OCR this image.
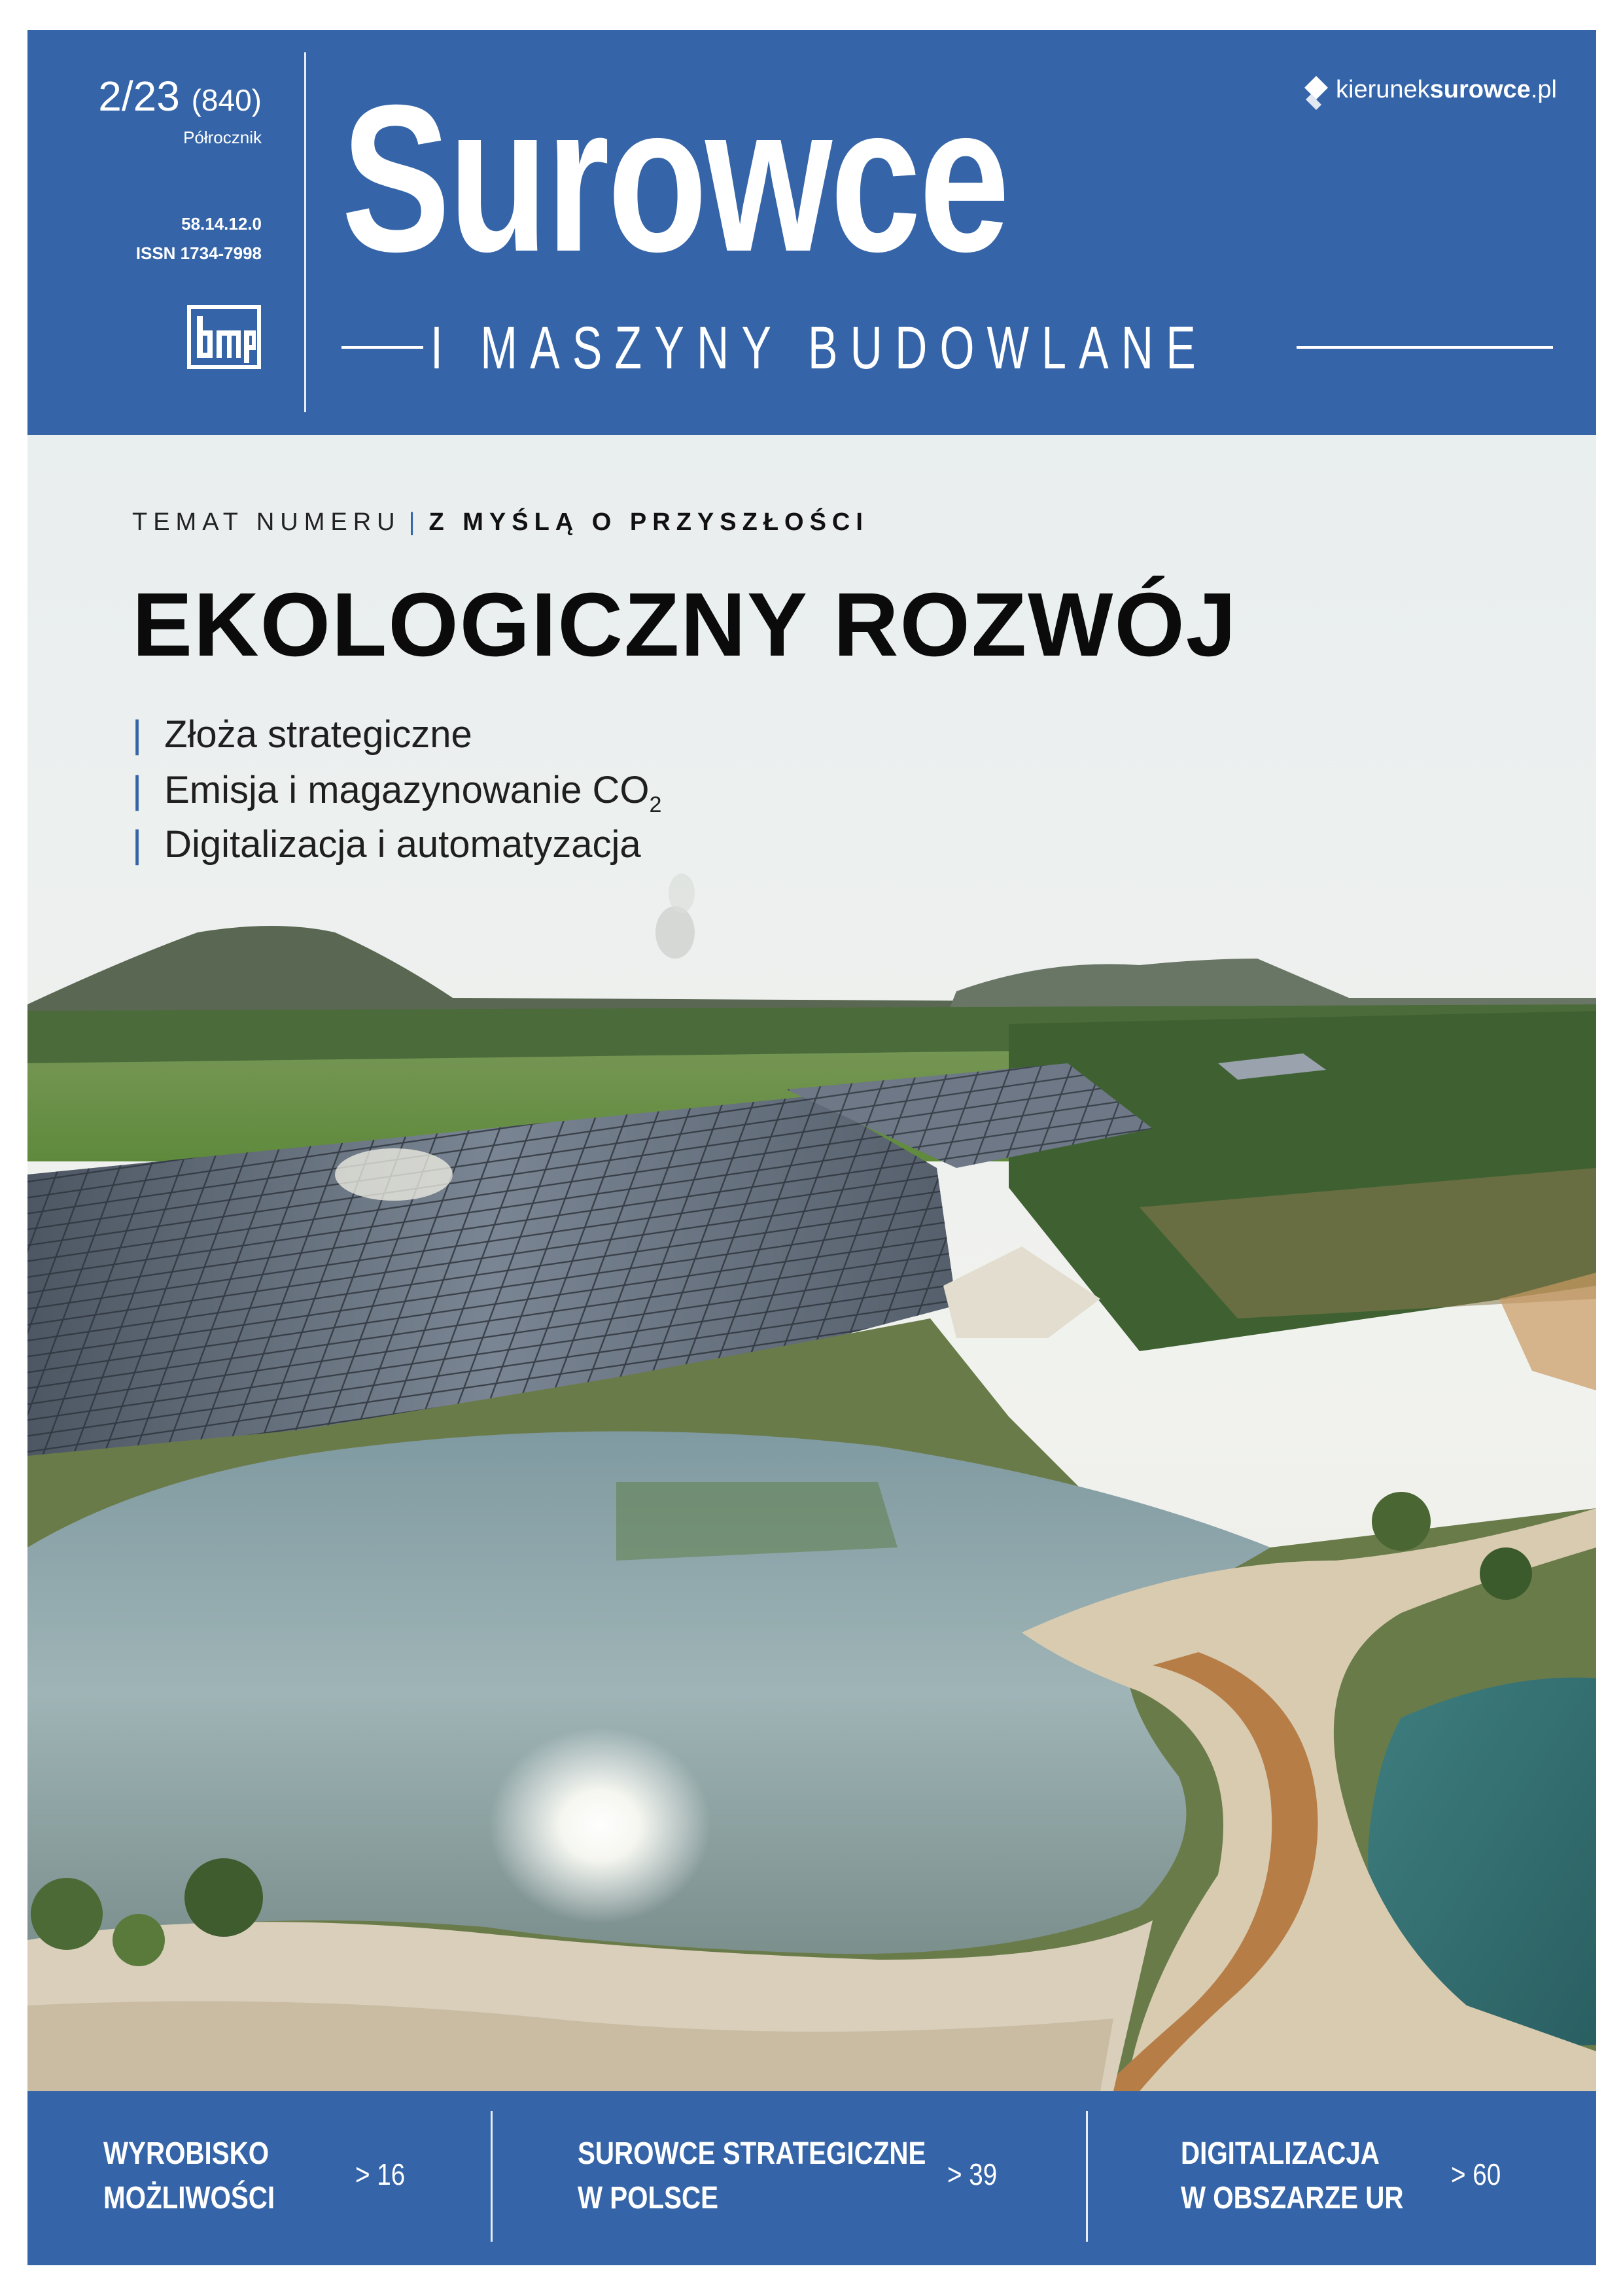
2/23 (840)
Półrocznik
58.14.12.0
ISSN 1734-7998 Surowce
I MASZYNY BUDOWLANE
kieruneksurowce.pl
TEMAT NUMERU | Z MYŚLĄ O PRZYSZŁOŚCI
EKOLOGICZNY ROZWÓJ
| Złoża strategiczne
| Emisja i magazynowanie $CO_2$
| Digitalizacja i automatyzacja
WYROBISKO
MOŻLIWOŚCI
> 16
SUROWCE STRATEGICZNE
W POLSCE
> 39
DIGITALIZACJA
W OBSZARZE UR
> 60
